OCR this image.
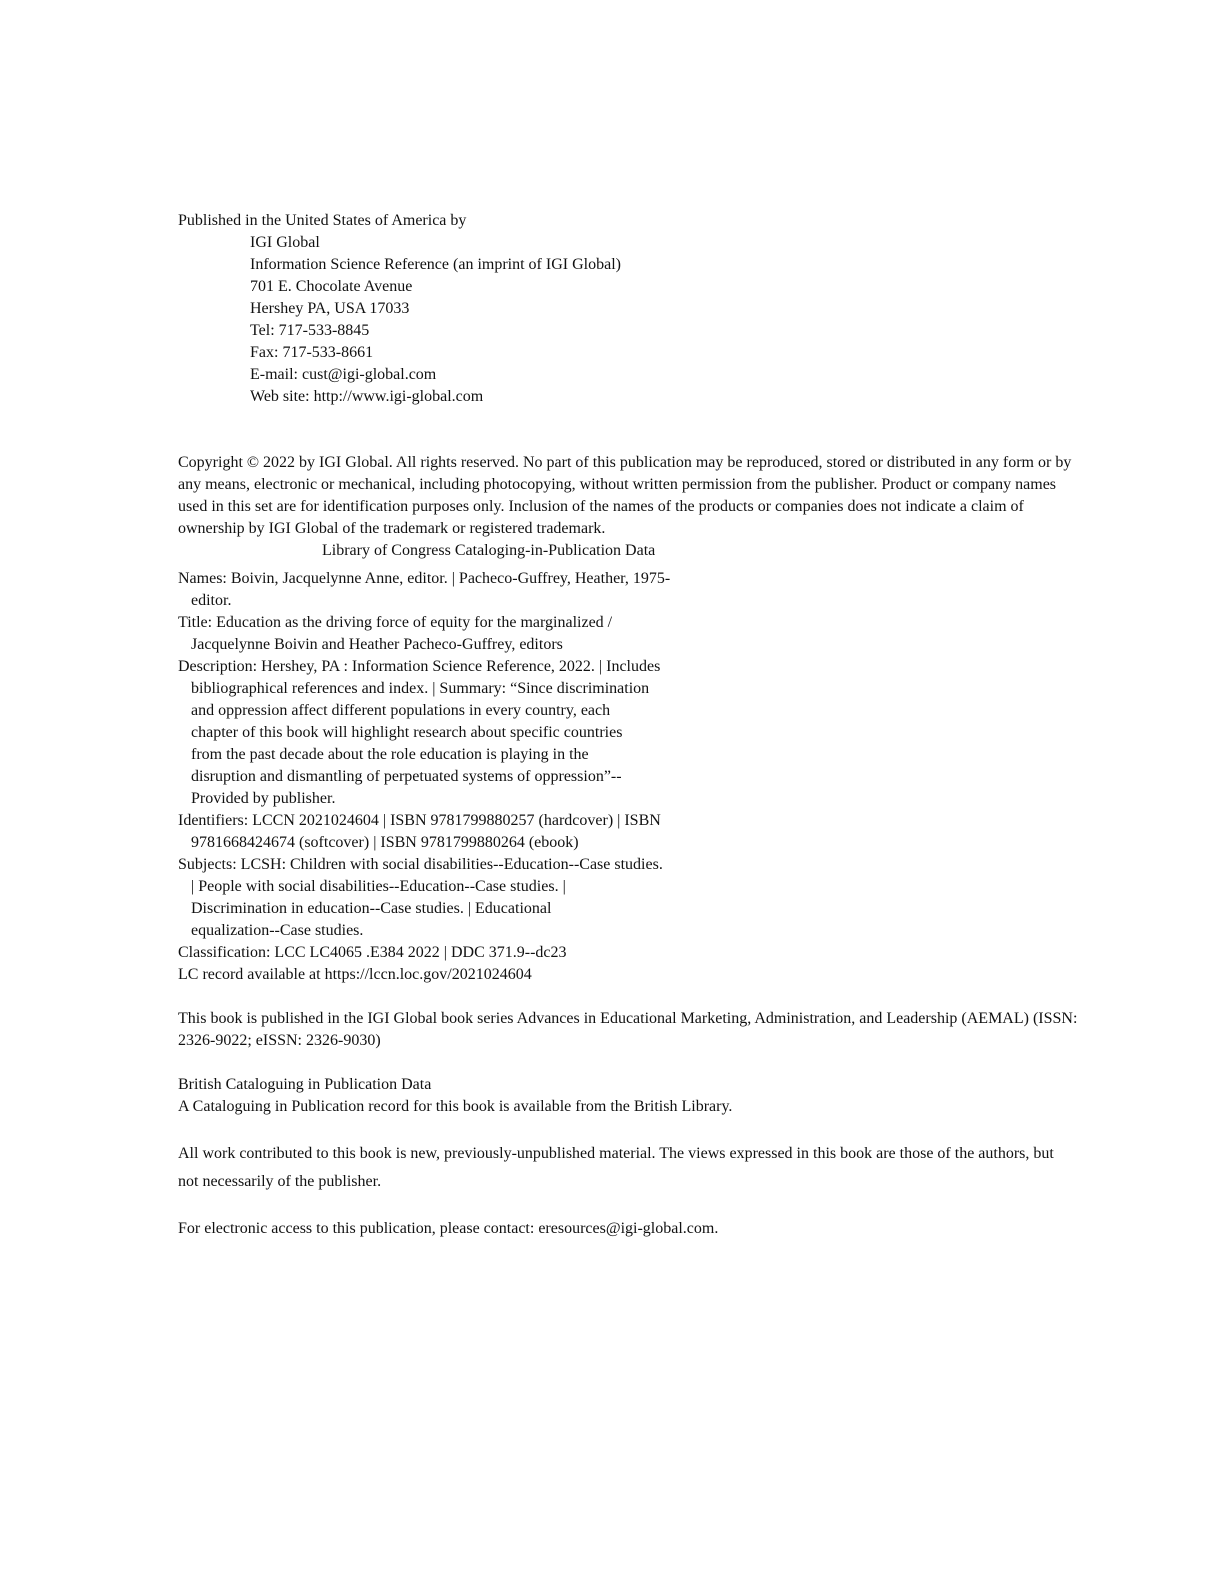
Published in the United States of America by
IGI Global
Information Science Reference (an imprint of IGI Global)
701 E. Chocolate Avenue
Hershey PA, USA 17033
Tel: 717-533-8845
Fax: 717-533-8661
E-mail: cust@igi-global.com
Web site: http://www.igi-global.com
Copyright © 2022 by IGI Global. All rights reserved. No part of this publication may be reproduced, stored or distributed in any form or by any means, electronic or mechanical, including photocopying, without written permission from the publisher. Product or company names used in this set are for identification purposes only. Inclusion of the names of the products or companies does not indicate a claim of ownership by IGI Global of the trademark or registered trademark.
Library of Congress Cataloging-in-Publication Data
Names: Boivin, Jacquelynne Anne, editor. | Pacheco-Guffrey, Heather, 1975-
editor.
Title: Education as the driving force of equity for the marginalized /
Jacquelynne Boivin and Heather Pacheco-Guffrey, editors
Description: Hershey, PA : Information Science Reference, 2022. | Includes
bibliographical references and index. | Summary: “Since discrimination
and oppression affect different populations in every country, each
chapter of this book will highlight research about specific countries
from the past decade about the role education is playing in the
disruption and dismantling of perpetuated systems of oppression”--
Provided by publisher.
Identifiers: LCCN 2021024604 | ISBN 9781799880257 (hardcover) | ISBN
9781668424674 (softcover) | ISBN 9781799880264 (ebook)
Subjects: LCSH: Children with social disabilities--Education--Case studies.
| People with social disabilities--Education--Case studies. |
Discrimination in education--Case studies. | Educational
equalization--Case studies.
Classification: LCC LC4065 .E384 2022 | DDC 371.9--dc23
LC record available at https://lccn.loc.gov/2021024604
This book is published in the IGI Global book series Advances in Educational Marketing, Administration, and Leadership (AEMAL) (ISSN: 2326-9022; eISSN: 2326-9030)
British Cataloguing in Publication Data
A Cataloguing in Publication record for this book is available from the British Library.
All work contributed to this book is new, previously-unpublished material. The views expressed in this book are those of the authors, but not necessarily of the publisher.
For electronic access to this publication, please contact: eresources@igi-global.com.
